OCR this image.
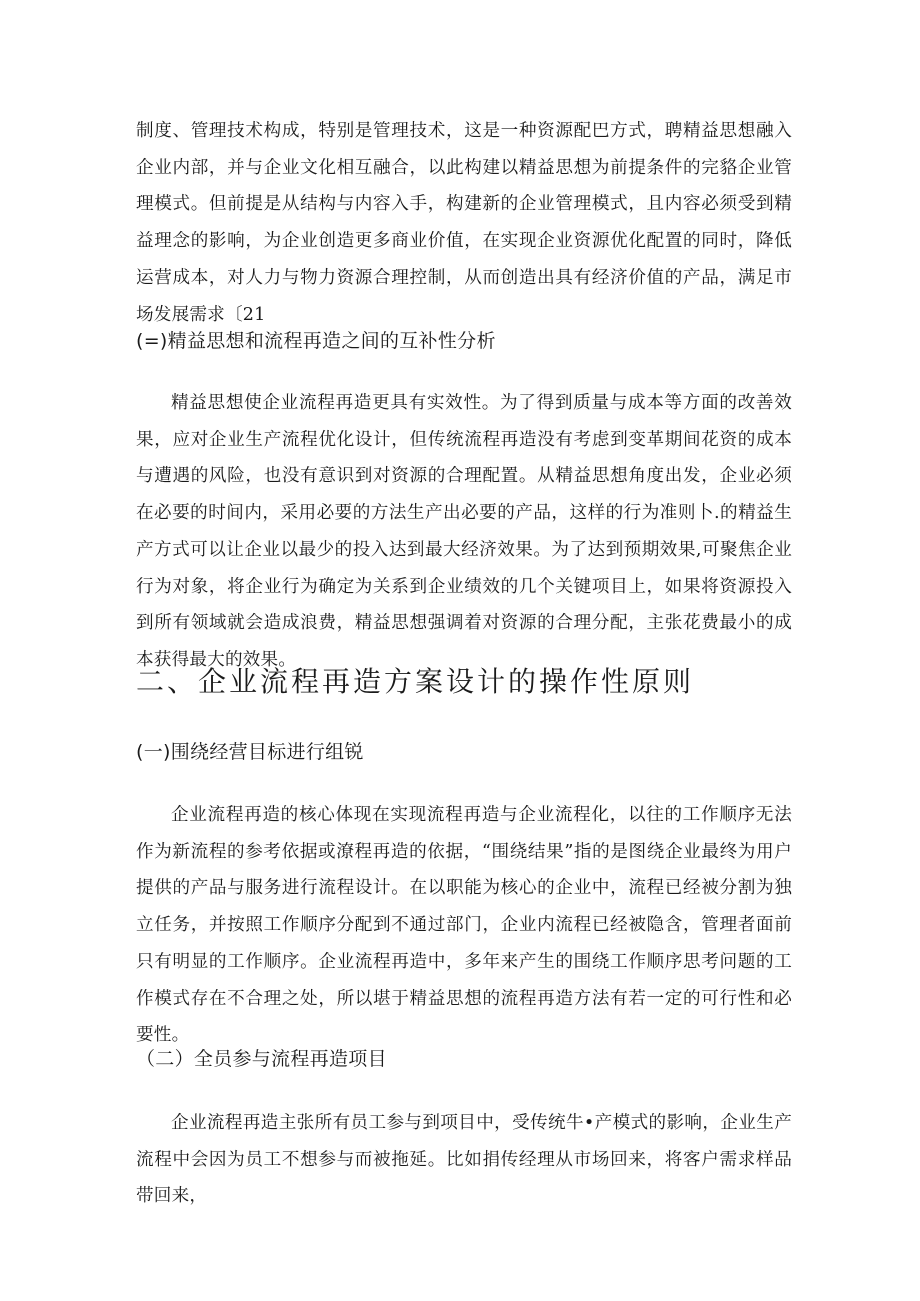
制度、管理技术构成，特别是管理技术，这是一种资源配巴方式，聘精益思想融入企业内部，并与企业文化相互融合，以此构建以精益思想为前提条件的完貉企业管理模式。但前提是从结构与内容入手，构建新的企业管理模式，且内容必须受到精益理念的影响，为企业创造更多商业价值，在实现企业资源优化配置的同时，降低运营成本，对人力与物力资源合理控制，从而创造出具有经济价值的产品，满足市场发展需求〔21

(=)精益思想和流程再造之间的互补性分析

精益思想使企业流程再造更具有实效性。为了得到质量与成本等方面的改善效果，应对企业生产流程优化设计，但传统流程再造没有考虑到变革期间花资的成本与遭遇的风险，也没有意识到对资源的合理配置。从精益思想角度出发，企业必须在必要的时间内，采用必要的方法生产出必要的产品，这样的行为准则卜.的精益生产方式可以让企业以最少的投入达到最大经济效果。为了达到预期效果,可聚焦企业行为对象，将企业行为确定为关系到企业绩效的几个关键项目上，如果将资源投入到所有领域就会造成浪费，精益思想强调着对资源的合理分配，主张花费最小的成本获得最大的效果。

二、企业流程再造方案设计的操作性原则
(一)围绕经营目标进行组锐

企业流程再造的核心体现在实现流程再造与企业流程化，以往的工作顺序无法作为新流程的参考依据或潦程再造的依据，“围绕结果”指的是图绕企业最终为用户提供的产品与服务进行流程设计。在以职能为核心的企业中，流程已经被分割为独立任务，并按照工作顺序分配到不通过部门，企业内流程已经被隐含，管理者面前只有明显的工作顺序。企业流程再造中，多年来产生的围绕工作顺序思考问题的工作模式存在不合理之处，所以堪于精益思想的流程再造方法有若一定的可行性和必要性。

（二）全员参与流程再造项目

企业流程再造主张所有员工参与到项目中，受传统牛•产模式的影响，企业生产流程中会因为员工不想参与而被拖延。比如捐传经理从市场回来，将客户需求样品带回来，
